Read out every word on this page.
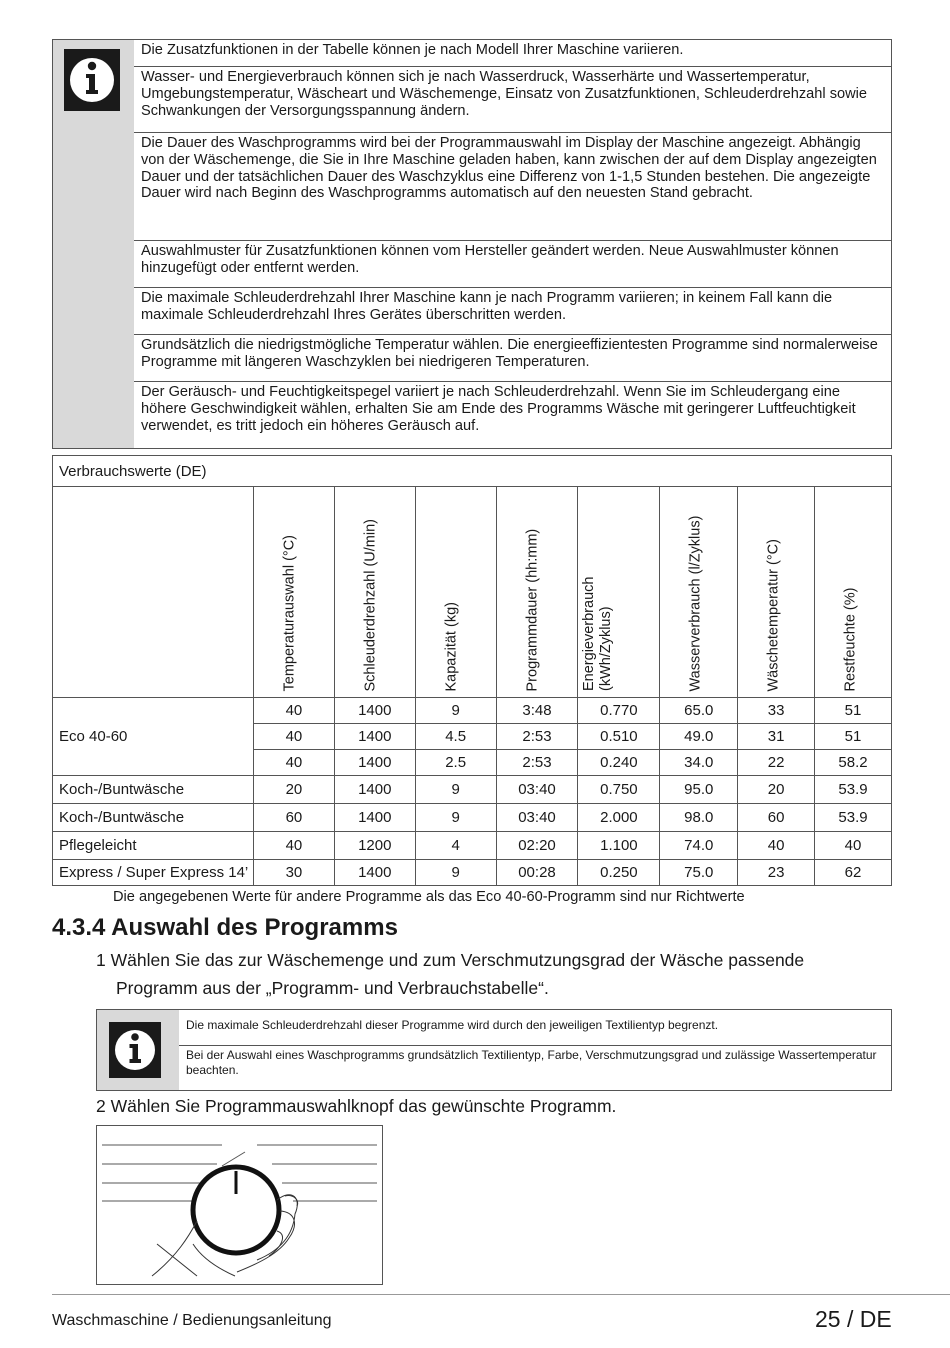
Die Zusatzfunktionen in der Tabelle können je nach Modell Ihrer Maschine variieren.
Wasser- und Energieverbrauch können sich je nach Wasserdruck, Wasserhärte und Wassertemperatur, Umgebungstemperatur, Wäscheart und Wäschemenge, Einsatz von Zusatzfunktionen, Schleuderdrehzahl sowie Schwankungen der Versorgungsspannung ändern.
Die Dauer des Waschprogramms wird bei der Programmauswahl im Display der Maschine angezeigt. Abhängig von der Wäschemenge, die Sie in Ihre Maschine geladen haben, kann zwischen der auf dem Display angezeigten Dauer und der tatsächlichen Dauer des Waschzyklus eine Differenz von 1-1,5 Stunden bestehen. Die angezeigte Dauer wird nach Beginn des Waschprogramms automatisch auf den neuesten Stand gebracht.
Auswahlmuster für Zusatzfunktionen können vom Hersteller geändert werden. Neue Auswahlmuster können hinzugefügt oder entfernt werden.
Die maximale Schleuderdrehzahl Ihrer Maschine kann je nach Programm variieren; in keinem Fall kann die maximale Schleuderdrehzahl Ihres Gerätes überschritten werden.
Grundsätzlich die niedrigstmögliche Temperatur wählen. Die energieeffizientesten Programme sind normalerweise Programme mit längeren Waschzyklen bei niedrigeren Temperaturen.
Der Geräusch- und Feuchtigkeitspegel variiert je nach Schleuderdrehzahl. Wenn Sie im Schleudergang eine höhere Geschwindigkeit wählen, erhalten Sie am Ende des Programms Wäsche mit geringerer Luftfeuchtigkeit verwendet, es tritt jedoch ein höheres Geräusch auf.
Verbrauchswerte (DE)								

	Temperaturauswahl (°C)	Schleuderdrehzahl (U/min)	Kapazität (kg)	Programmdauer (hh:mm)	Energieverbrauch
(kWh/Zyklus)	Wasserverbrauch (l/Zyklus)	Wäschetemperatur (°C)	Restfeuchte (%)

Eco 40-60	40	1400	9	3:48	0.770	65.0	33	51
	40	1400	4.5	2:53	0.510	49.0	31	51
	40	1400	2.5	2:53	0.240	34.0	22	58.2
Koch-/Buntwäsche	20	1400	9	03:40	0.750	95.0	20	53.9
Koch-/Buntwäsche	60	1400	9	03:40	2.000	98.0	60	53.9
Pflegeleicht	40	1200	4	02:20	1.100	74.0	40	40
Express / Super Express 14’	30	1400	9	00:28	0.250	75.0	23	62
Die angegebenen Werte für andere Programme als das Eco 40-60-Programm sind nur Richtwerte
4.3.4 Auswahl des Programms
1 Wählen Sie das zur Wäschemenge und zum Verschmutzungsgrad der Wäsche passende
Programm aus der „Programm- und Verbrauchstabelle“.
Die maximale Schleuderdrehzahl dieser Programme wird durch den jeweiligen Textilientyp begrenzt.
Bei der Auswahl eines Waschprogramms grundsätzlich Textilientyp, Farbe, Verschmutzungsgrad und zulässige Wassertemperatur beachten.
2 Wählen Sie Programmauswahlknopf das gewünschte Programm.
Waschmaschine / Bedienungsanleitung	25 / DE
